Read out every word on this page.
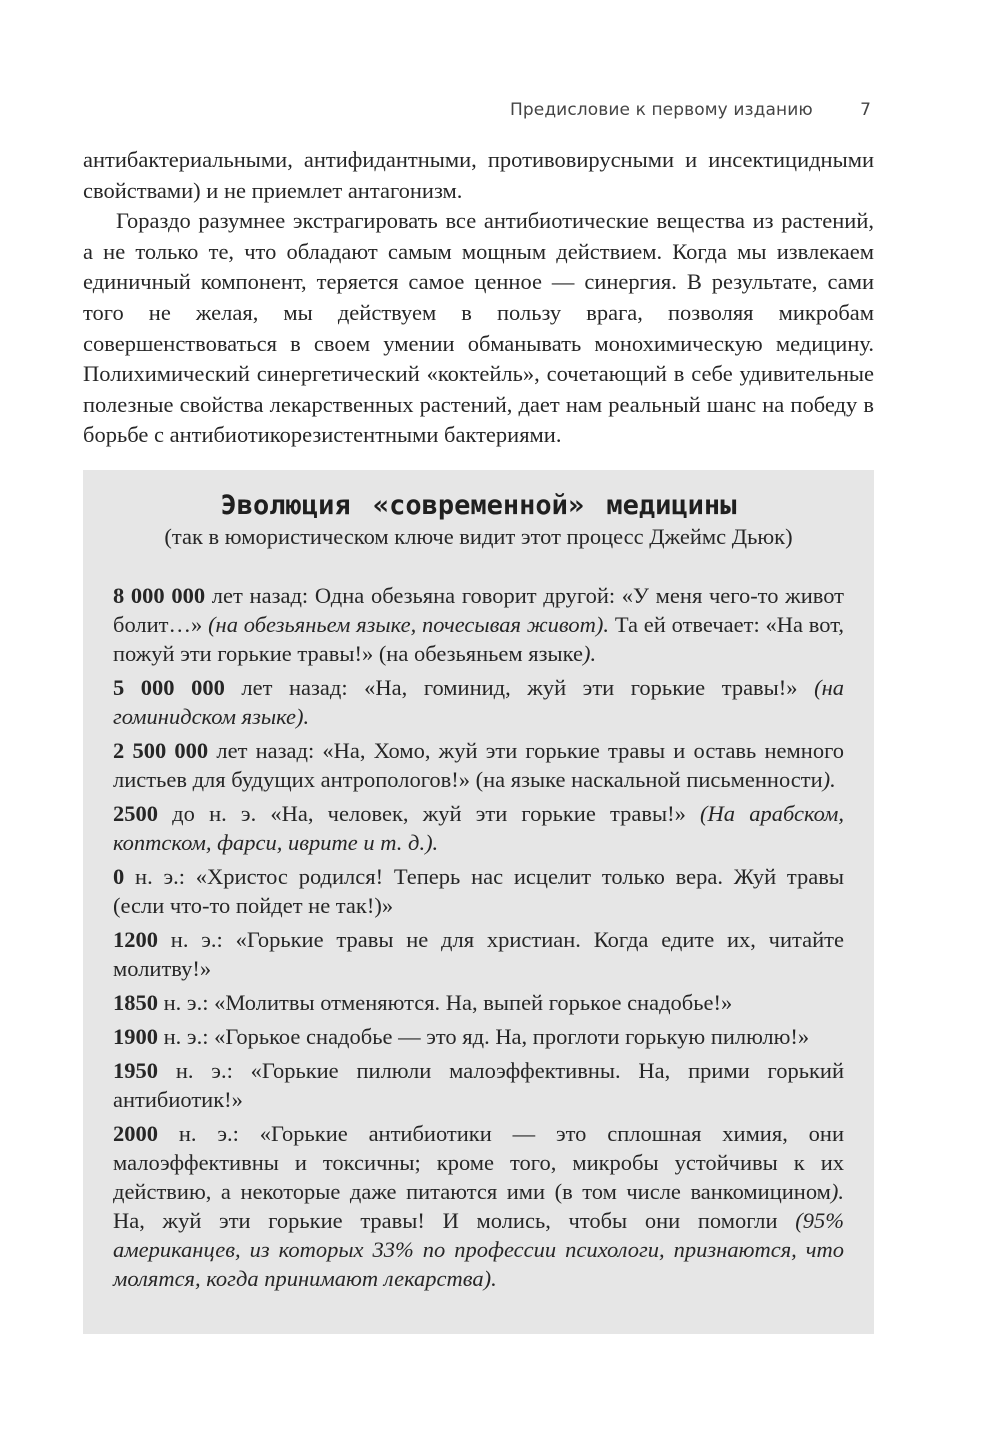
Предисловие к первому изданию	7

антибактериальными, антифидантными, противовирусными и инсектицидными свойствами) и не приемлет антагонизм.

Гораздо разумнее экстрагировать все антибиотические вещества из растений, а не только те, что обладают самым мощным действием. Когда мы извлекаем единичный компонент, теряется самое ценное — синергия. В результате, сами того не желая, мы действуем в пользу врага, позволяя микробам совершенствоваться в своем умении обманывать монохимическую медицину. Полихимический синергетический «коктейль», сочетающий в себе удивительные полезные свойства лекарственных растений, дает нам реальный шанс на победу в борьбе с антибиотикорезистентными бактериями.

Эволюция «современной» медицины
(так в юмористическом ключе видит этот процесс Джеймс Дьюк)

8 000 000 лет назад: Одна обезьяна говорит другой: «У меня чего-то живот болит…» (на обезьяньем языке, почесывая живот). Та ей отвечает: «На вот, пожуй эти горькие травы!» (на обезьяньем языке).

5 000 000 лет назад: «На, гоминид, жуй эти горькие травы!» (на гоминидском языке).

2 500 000 лет назад: «На, Хомо, жуй эти горькие травы и оставь немного листьев для будущих антропологов!» (на языке наскальной письменности).

2500 до н. э. «На, человек, жуй эти горькие травы!» (На арабском, коптском, фарси, иврите и т. д.).

0 н. э.: «Христос родился! Теперь нас исцелит только вера. Жуй травы (если что-то пойдет не так!)»

1200 н. э.: «Горькие травы не для христиан. Когда едите их, читайте молитву!»

1850 н. э.: «Молитвы отменяются. На, выпей горькое снадобье!»

1900 н. э.: «Горькое снадобье — это яд. На, проглоти горькую пилюлю!»

1950 н. э.: «Горькие пилюли малоэффективны. На, прими горький антибиотик!»

2000 н. э.: «Горькие антибиотики — это сплошная химия, они малоэффективны и токсичны; кроме того, микробы устойчивы к их действию, а некоторые даже питаются ими (в том числе ванкомицином). На, жуй эти горькие травы! И молись, чтобы они помогли (95% американцев, из которых 33% по профессии психологи, признаются, что молятся, когда принимают лекарства).
